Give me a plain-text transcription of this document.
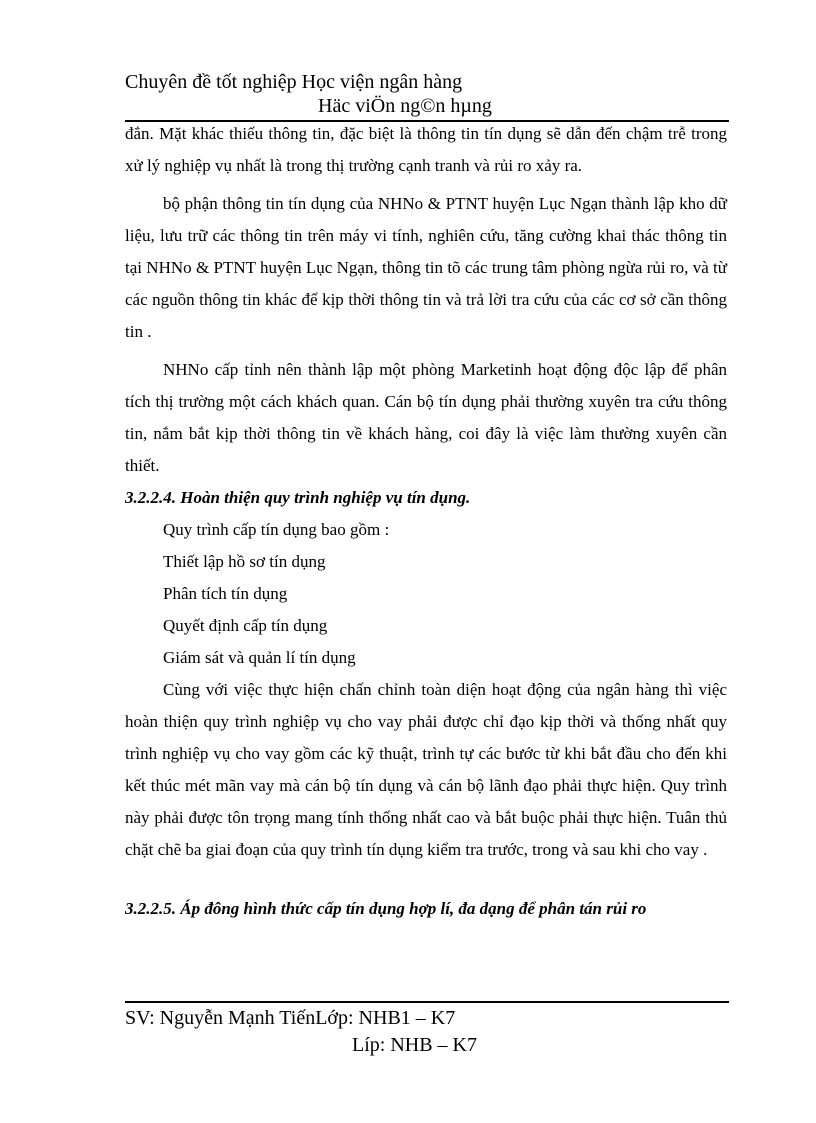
Chuyên đề tốt nghiệp Học viện ngân hàng
Häc viÖn ng©n hµng

đắn. Mặt khác thiếu thông tin, đặc biệt là thông tin tín dụng sẽ dẫn đến chậm trễ trong xử lý nghiệp vụ nhất là trong thị trường cạnh tranh và rủi ro xảy ra.

bộ phận thông tin tín dụng của NHNo & PTNT huyện Lục Ngạn thành lập kho dữ liệu, lưu trữ các thông tin trên máy vi tính, nghiên cứu, tăng cường khai thác thông tin tại NHNo & PTNT huyện Lục Ngạn, thông tin tõ các trung tâm phòng ngừa rủi ro, và từ các nguồn thông tin khác để kịp thời thông tin và trả lời tra cứu của các cơ sở cần thông tin .

NHNo cấp tỉnh nên thành lập một phòng Marketinh hoạt động độc lập để phân tích thị trường một cách khách quan. Cán bộ tín dụng phải thường xuyên tra cứu thông tin, nắm bắt kịp thời thông tin về khách hàng, coi đây là việc làm thường xuyên cần thiết.

3.2.2.4. Hoàn thiện quy trình nghiệp vụ tín dụng.

Quy trình cấp tín dụng bao gồm :

Thiết lập hồ sơ tín dụng

Phân tích tín dụng

Quyết định cấp tín dụng

Giám sát và quản lí tín dụng

Cùng với việc thực hiện chấn chỉnh toàn diện hoạt động của ngân hàng thì việc hoàn thiện quy trình nghiệp vụ cho vay phải được chỉ đạo kịp thời và thống nhất quy trình nghiệp vụ cho vay gồm các kỹ thuật, trình tự các bước từ khi bắt đầu cho đến khi kết thúc mét mãn vay mà cán bộ tín dụng và cán bộ lãnh đạo phải thực hiện. Quy trình này phải được tôn trọng mang tính thống nhất cao và bắt buộc phải thực hiện. Tuân thủ chặt chẽ ba giai đoạn của quy trình tín dụng kiểm tra trước, trong và sau khi cho vay .

3.2.2.5. Áp đông hình thức cấp tín dụng hợp lí, đa dạng để phân tán rủi ro

SV: Nguyễn Mạnh TiếnLớp: NHB1 – K7
Líp: NHB – K7
